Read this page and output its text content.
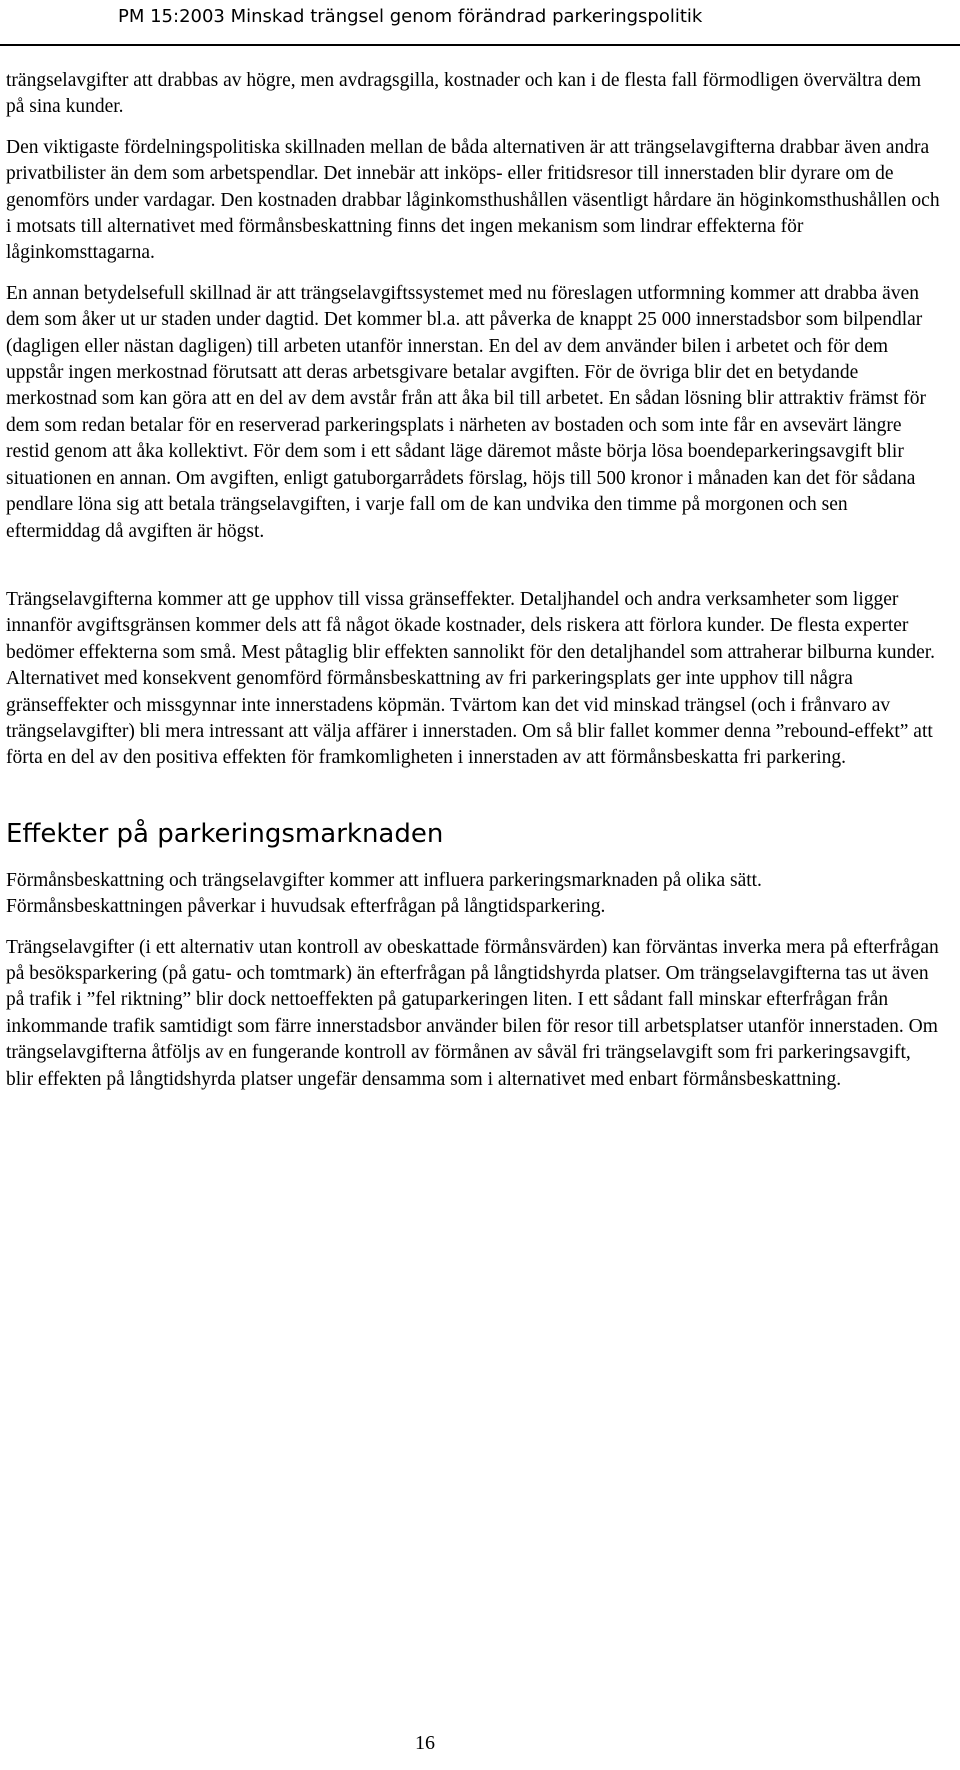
PM 15:2003 Minskad trängsel genom förändrad parkeringspolitik

trängselavgifter att drabbas av högre, men avdragsgilla, kostnader och kan i de flesta fall förmodligen övervältra dem på sina kunder.

Den viktigaste fördelningspolitiska skillnaden mellan de båda alternativen är att trängselavgifterna drabbar även andra privatbilister än dem som arbetspendlar. Det innebär att inköps- eller fritidsresor till innerstaden blir dyrare om de genomförs under vardagar. Den kostnaden drabbar låginkomsthushållen väsentligt hårdare än höginkomsthushållen och i motsats till alternativet med förmånsbeskattning finns det ingen mekanism som lindrar effekterna för låginkomsttagarna.

En annan betydelsefull skillnad är att trängselavgiftssystemet med nu föreslagen utformning kommer att drabba även dem som åker ut ur staden under dagtid. Det kommer bl.a. att påverka de knappt 25 000 innerstadsbor som bilpendlar (dagligen eller nästan dagligen) till arbeten utanför innerstan. En del av dem använder bilen i arbetet och för dem uppstår ingen merkostnad förutsatt att deras arbetsgivare betalar avgiften. För de övriga blir det en betydande merkostnad som kan göra att en del av dem avstår från att åka bil till arbetet. En sådan lösning blir attraktiv främst för dem som redan betalar för en reserverad parkeringsplats i närheten av bostaden och som inte får en avsevärt längre restid genom att åka kollektivt. För dem som i ett sådant läge däremot måste börja lösa boendeparkeringsavgift blir situationen en annan. Om avgiften, enligt gatuborgarrådets förslag, höjs till 500 kronor i månaden kan det för sådana pendlare löna sig att betala trängselavgiften, i varje fall om de kan undvika den timme på morgonen och sen eftermiddag då avgiften är högst.

Trängselavgifterna kommer att ge upphov till vissa gränseffekter. Detaljhandel och andra verksamheter som ligger innanför avgiftsgränsen kommer dels att få något ökade kostnader, dels riskera att förlora kunder. De flesta experter bedömer effekterna som små. Mest påtaglig blir effekten sannolikt för den detaljhandel som attraherar bilburna kunder. Alternativet med konsekvent genomförd förmånsbeskattning av fri parkeringsplats ger inte upphov till några gränseffekter och missgynnar inte innerstadens köpmän. Tvärtom kan det vid minskad trängsel (och i frånvaro av trängselavgifter) bli mera intressant att välja affärer i innerstaden. Om så blir fallet kommer denna ”rebound-effekt” att förta en del av den positiva effekten för framkomligheten i innerstaden av att förmånsbeskatta fri parkering.

Effekter på parkeringsmarknaden

Förmånsbeskattning och trängselavgifter kommer att influera parkeringsmarknaden på olika sätt. Förmånsbeskattningen påverkar i huvudsak efterfrågan på långtidsparkering.

Trängselavgifter (i ett alternativ utan kontroll av obeskattade förmånsvärden) kan förväntas inverka mera på efterfrågan på besöksparkering (på gatu- och tomtmark) än efterfrågan på långtidshyrda platser. Om trängselavgifterna tas ut även på trafik i ”fel riktning” blir dock nettoeffekten på gatuparkeringen liten. I ett sådant fall minskar efterfrågan från inkommande trafik samtidigt som färre innerstadsbor använder bilen för resor till arbetsplatser utanför innerstaden. Om trängselavgifterna åtföljs av en fungerande kontroll av förmånen av såväl fri trängselavgift som fri parkeringsavgift, blir effekten på långtidshyrda platser ungefär densamma som i alternativet med enbart förmånsbeskattning.

16
